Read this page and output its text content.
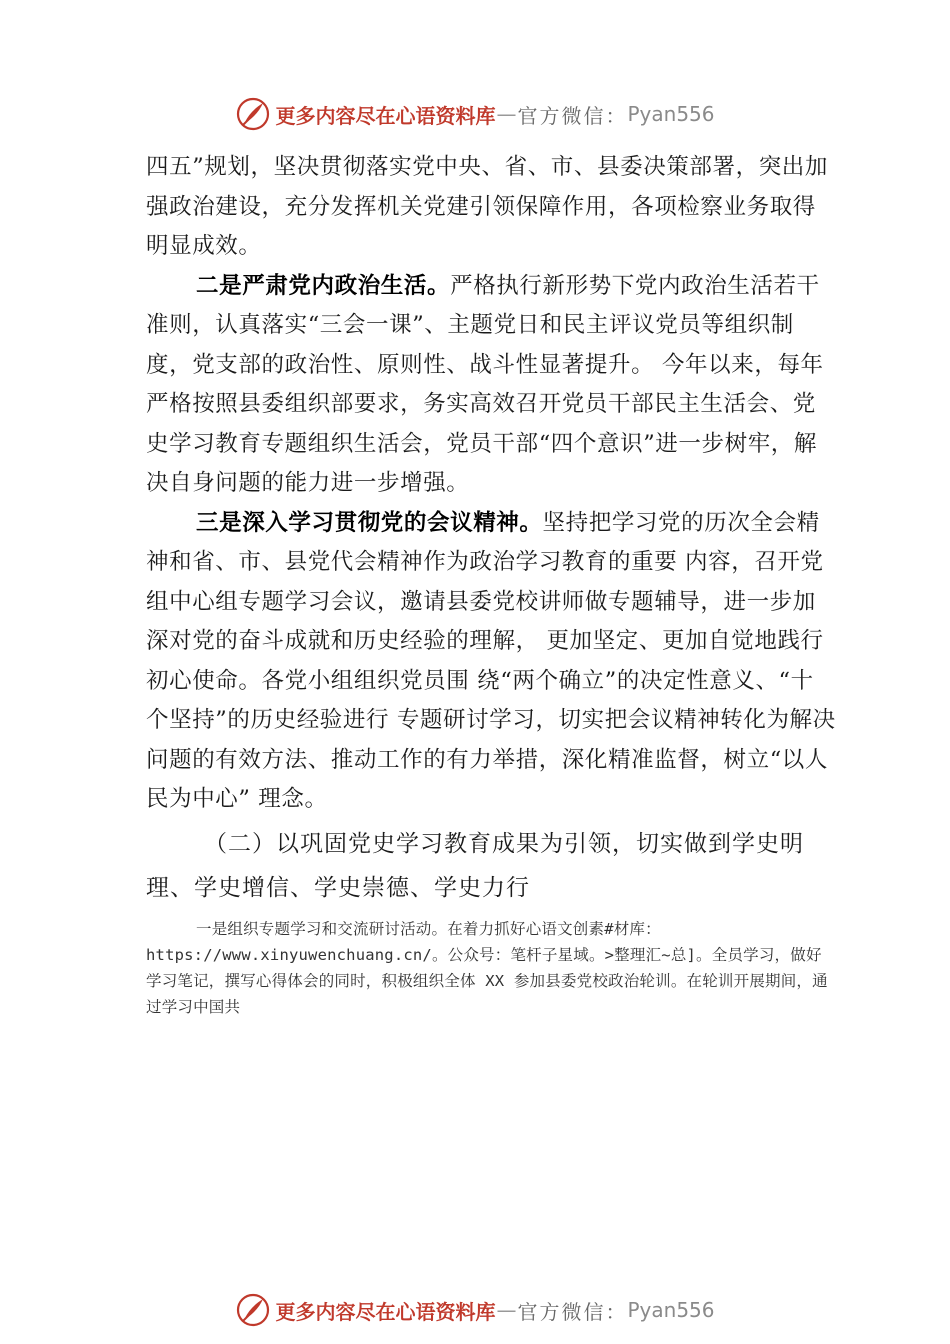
更多内容尽在心语资料库 — 官方微信： Pyan556

四五”规划，坚决贯彻落实党中央、省、市、县委决策部署，突出加强政治建设，充分发挥机关党建引领保障作用，各项检察业务取得明显成效。

二是严肃党内政治生活。严格执行新形势下党内政治生活若干准则，认真落实“三会一课”、主题党日和民主评议党员等组织制度，党支部的政治性、原则性、战斗性显著提升。 今年以来，每年严格按照县委组织部要求，务实高效召开党员干部民主生活会、党史学习教育专题组织生活会，党员干部“四个意识”进一步树牢，解决自身问题的能力进一步增强。

三是深入学习贯彻党的会议精神。坚持把学习党的历次全会精神和省、市、县党代会精神作为政治学习教育的重要 内容，召开党组中心组专题学习会议，邀请县委党校讲师做专题辅导，进一步加深对党的奋斗成就和历史经验的理解， 更加坚定、更加自觉地践行初心使命。各党小组组织党员围 绕“两个确立”的决定性意义、“十个坚持”的历史经验进行 专题研讨学习，切实把会议精神转化为解决问题的有效方法、推动工作的有力举措，深化精准监督，树立“以人民为中心” 理念。

（二）以巩固党史学习教育成果为引领，切实做到学史明理、学史增信、学史崇德、学史力行

一是组织专题学习和交流研讨活动。在着力抓好心语文创素#材库：https://www.xinyuwenchuang.cn/。公众号：笔杆子星域。>整理汇~总]。全员学习，做好学习笔记，撰写心得体会的同时，积极组织全体 XX 参加县委党校政治轮训。在轮训开展期间，通过学习中国共

更多内容尽在心语资料库 — 官方微信： Pyan556
